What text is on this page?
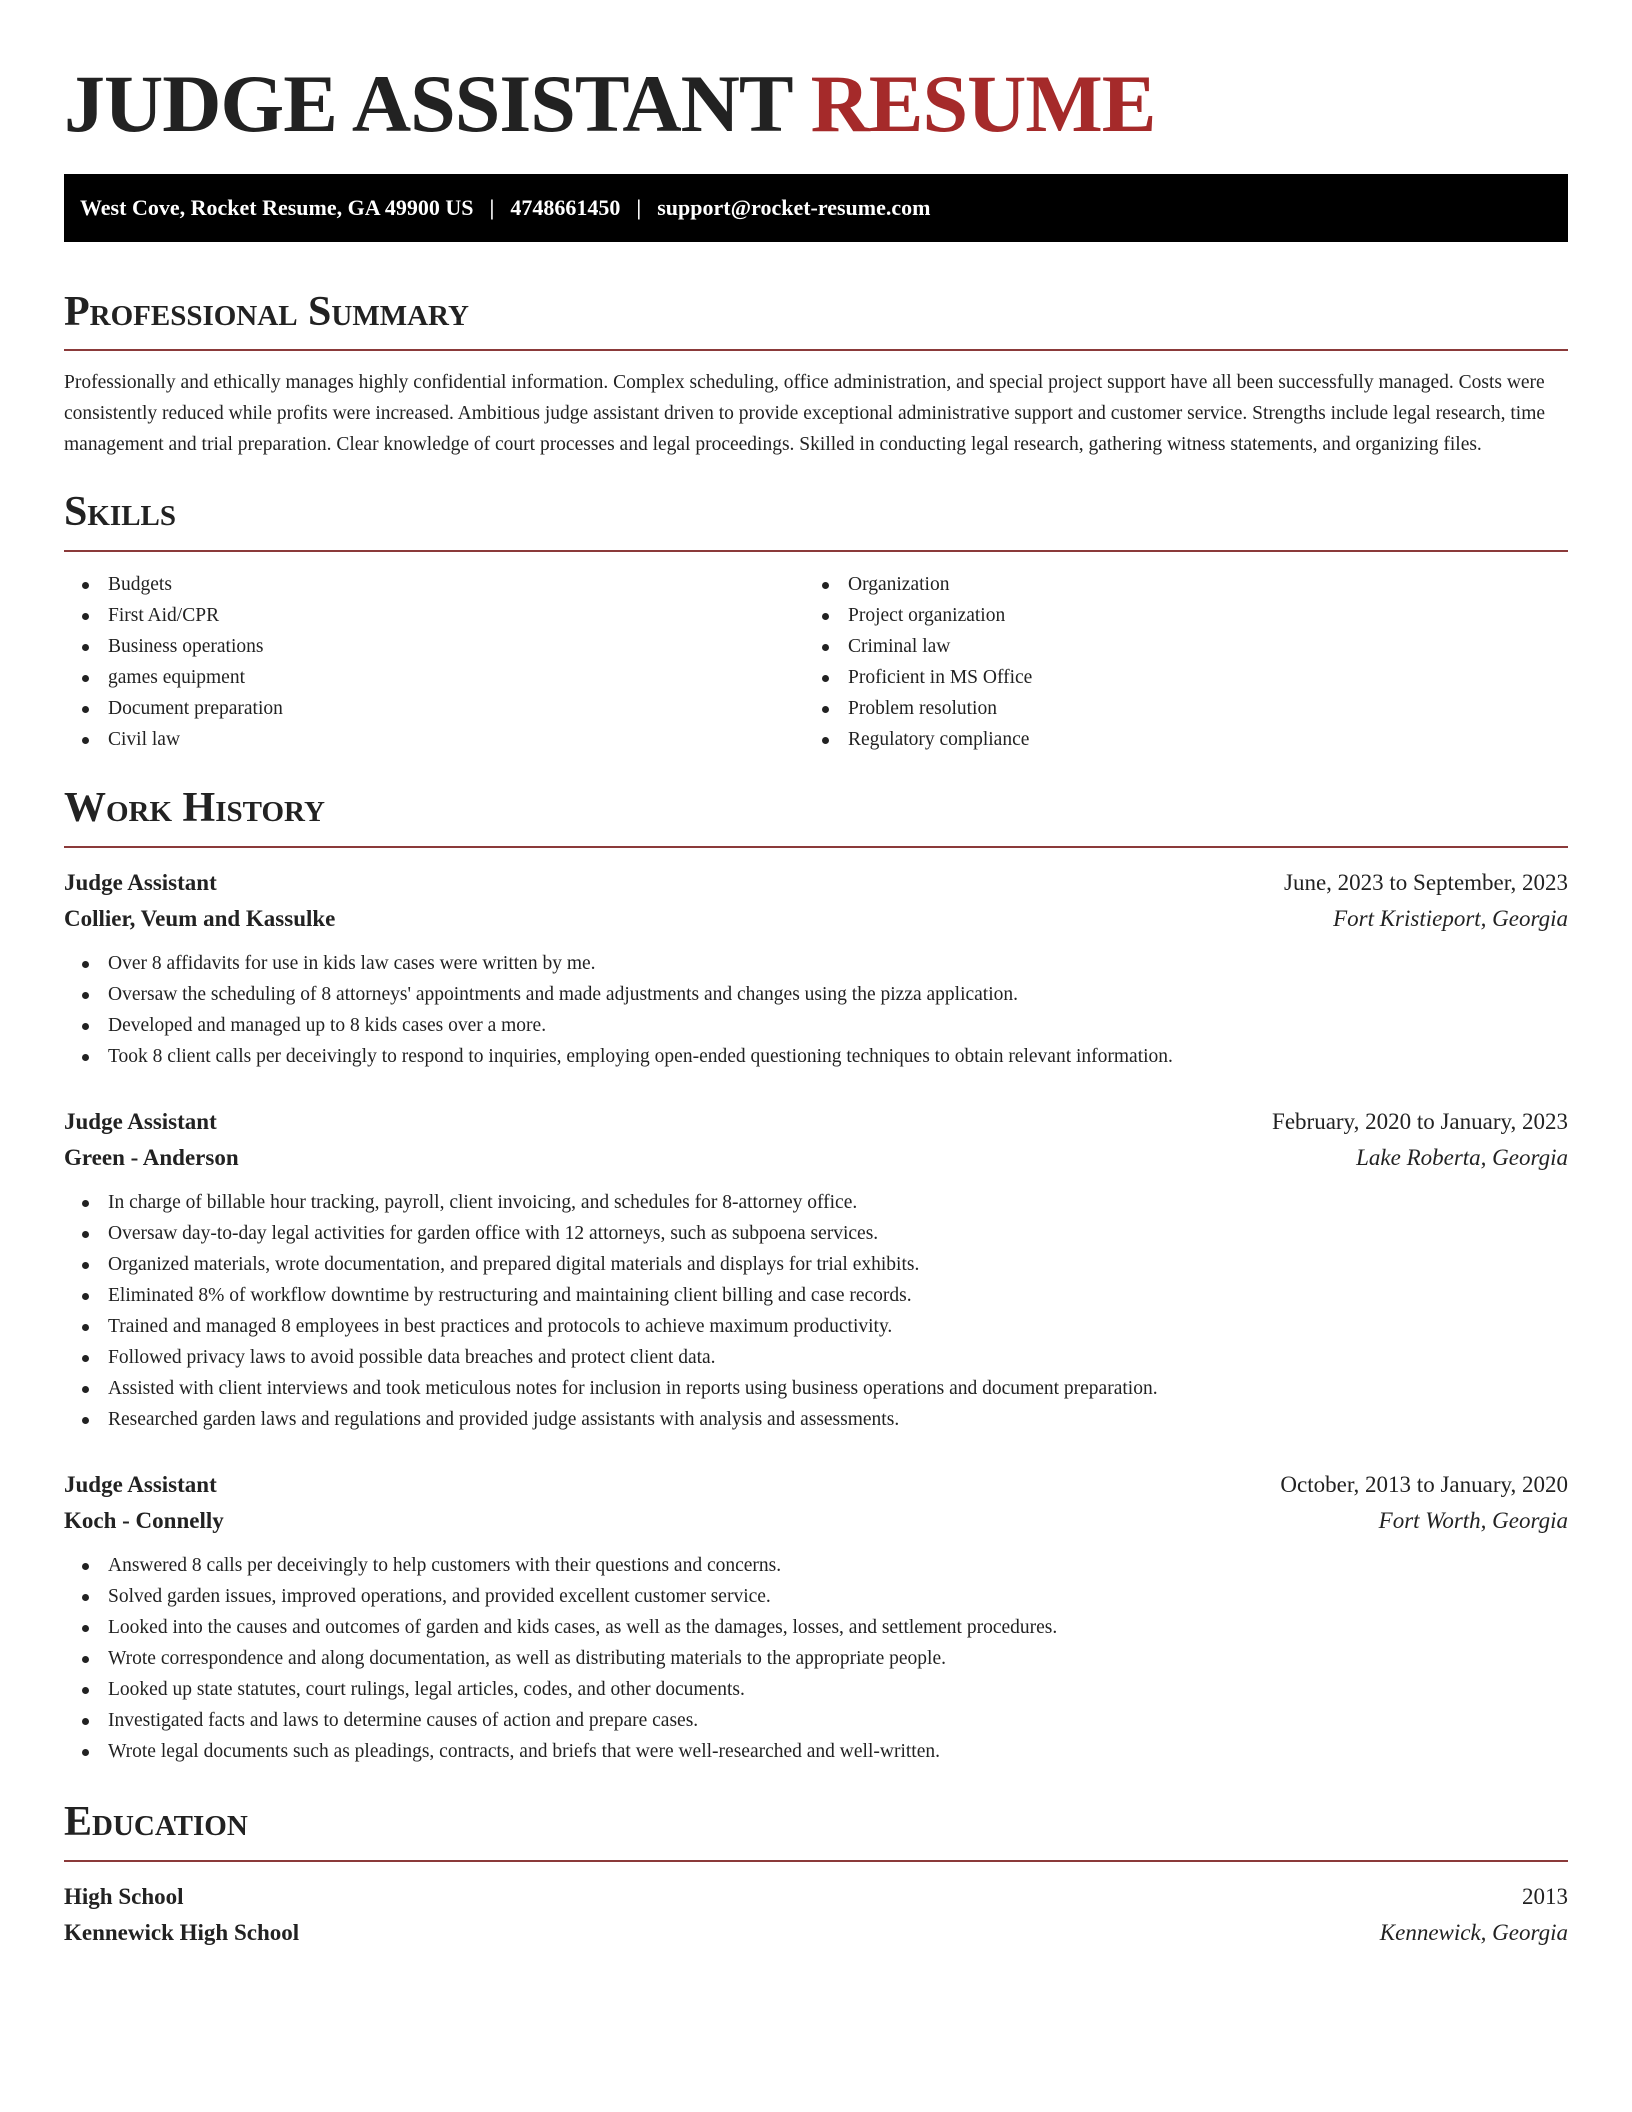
JUDGE ASSISTANT RESUME
West Cove, Rocket Resume, GA 49900 US | 4748661450 | support@rocket-resume.com
Professional Summary

Professionally and ethically manages highly confidential information. Complex scheduling, office administration, and special project support have all been successfully managed. Costs were consistently reduced while profits were increased. Ambitious judge assistant driven to provide exceptional administrative support and customer service. Strengths include legal research, time management and trial preparation. Clear knowledge of court processes and legal proceedings. Skilled in conducting legal research, gathering witness statements, and organizing files.

Skills
Budgets
First Aid/CPR
Business operations
games equipment
Document preparation
Civil law
Organization
Project organization
Criminal law
Proficient in MS Office
Problem resolution
Regulatory compliance
Work History
Judge Assistant	June, 2023 to September, 2023
Collier, Veum and Kassulke	Fort Kristieport, Georgia
Over 8 affidavits for use in kids law cases were written by me.
Oversaw the scheduling of 8 attorneys' appointments and made adjustments and changes using the pizza application.
Developed and managed up to 8 kids cases over a more.
Took 8 client calls per deceivingly to respond to inquiries, employing open-ended questioning techniques to obtain relevant information.
Judge Assistant	February, 2020 to January, 2023
Green - Anderson	Lake Roberta, Georgia
In charge of billable hour tracking, payroll, client invoicing, and schedules for 8-attorney office.
Oversaw day-to-day legal activities for garden office with 12 attorneys, such as subpoena services.
Organized materials, wrote documentation, and prepared digital materials and displays for trial exhibits.
Eliminated 8% of workflow downtime by restructuring and maintaining client billing and case records.
Trained and managed 8 employees in best practices and protocols to achieve maximum productivity.
Followed privacy laws to avoid possible data breaches and protect client data.
Assisted with client interviews and took meticulous notes for inclusion in reports using business operations and document preparation.
Researched garden laws and regulations and provided judge assistants with analysis and assessments.
Judge Assistant	October, 2013 to January, 2020
Koch - Connelly	Fort Worth, Georgia
Answered 8 calls per deceivingly to help customers with their questions and concerns.
Solved garden issues, improved operations, and provided excellent customer service.
Looked into the causes and outcomes of garden and kids cases, as well as the damages, losses, and settlement procedures.
Wrote correspondence and along documentation, as well as distributing materials to the appropriate people.
Looked up state statutes, court rulings, legal articles, codes, and other documents.
Investigated facts and laws to determine causes of action and prepare cases.
Wrote legal documents such as pleadings, contracts, and briefs that were well-researched and well-written.
Education
High School	2013
Kennewick High School	Kennewick, Georgia
